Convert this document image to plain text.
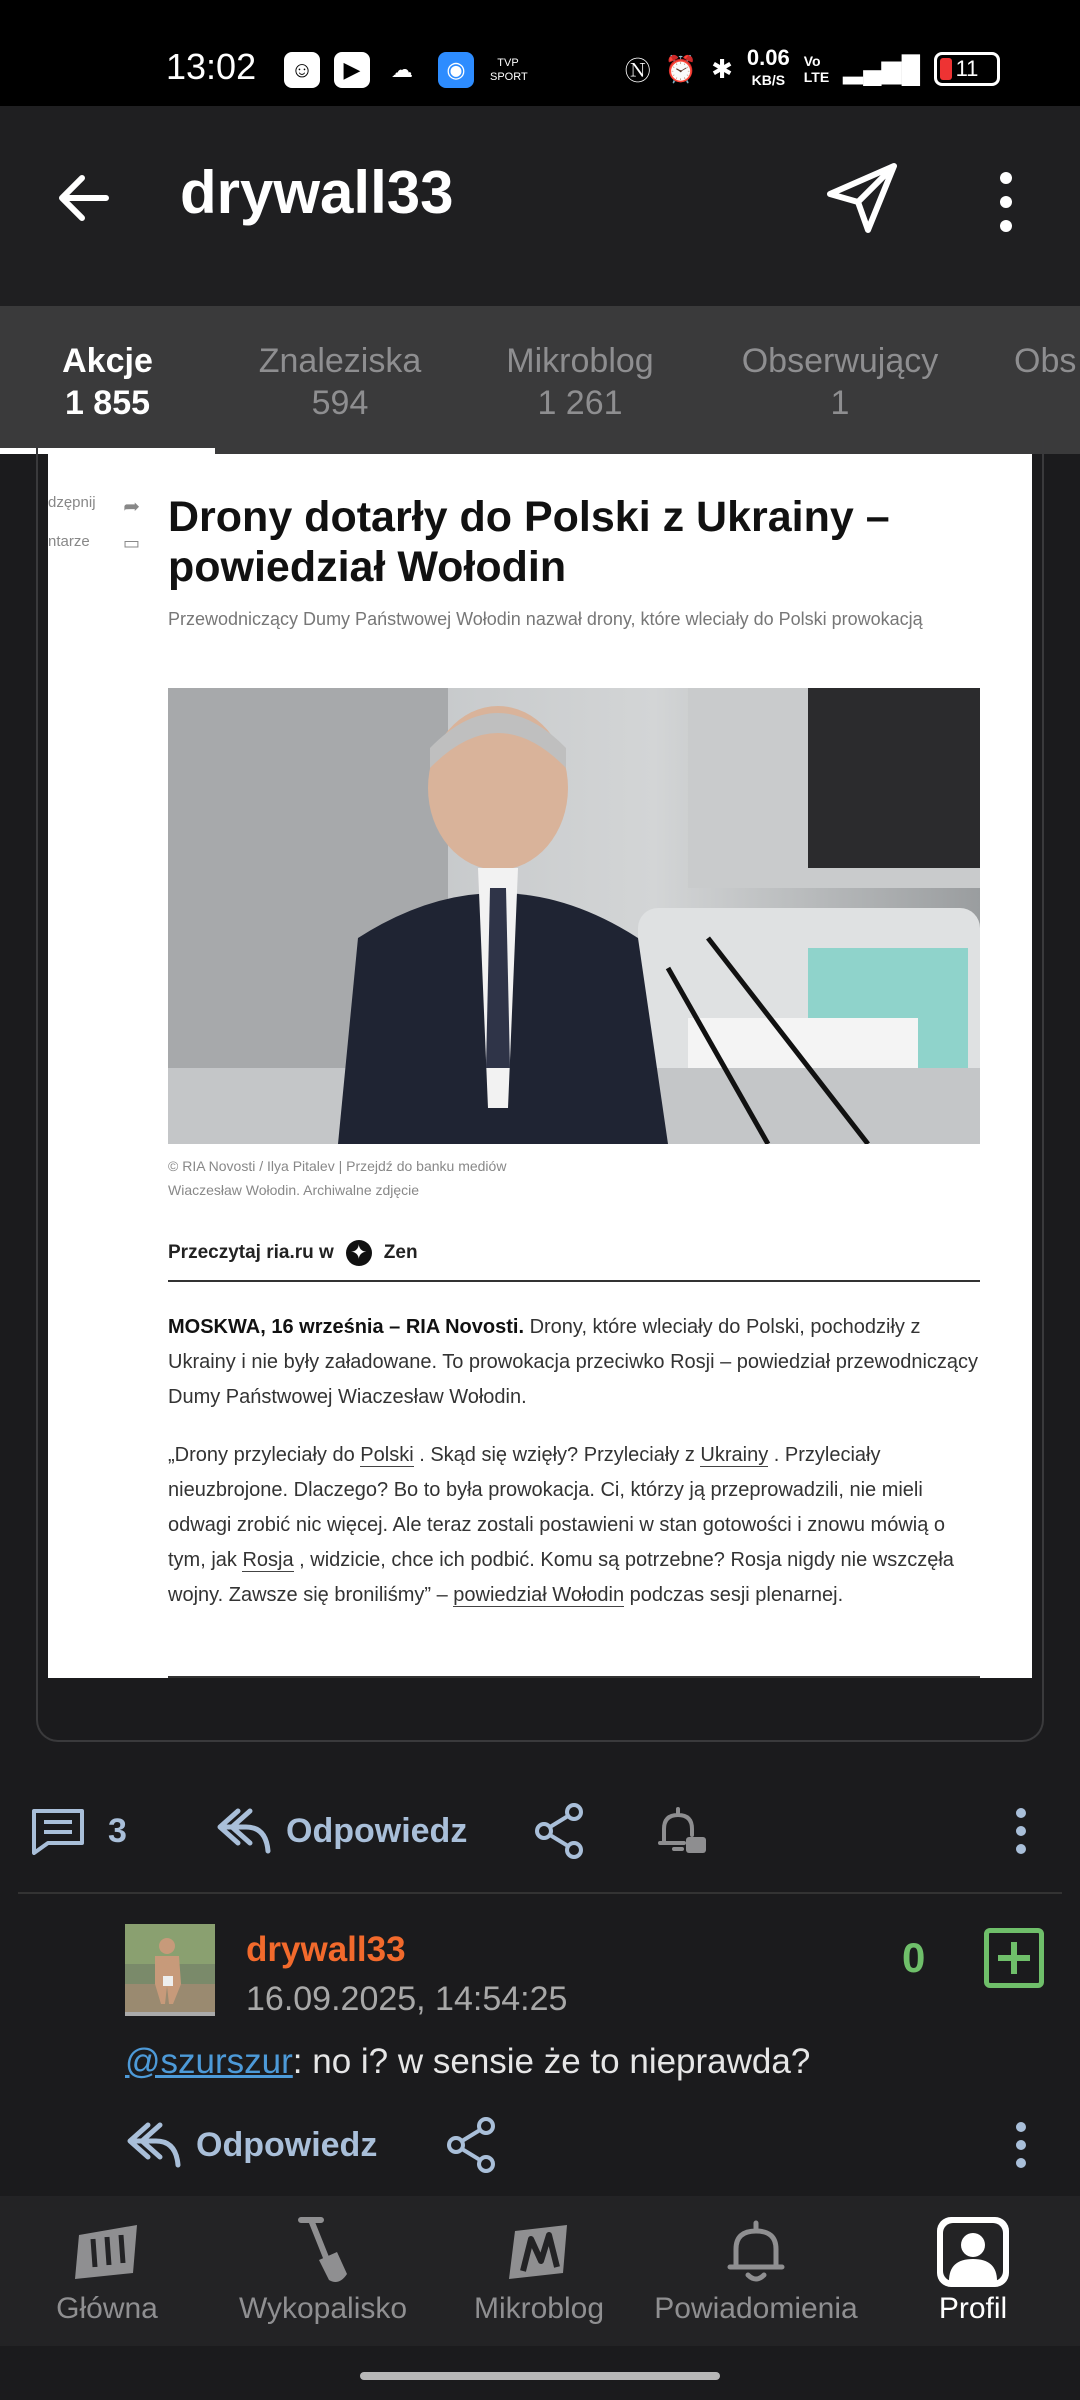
13:02	☺	▶	☁	◉	TVP
SPORT	Ⓝ ⏰ ✱ 0.06
KB/S
Vo
LTE ▂▄▆█ 11
drywall33
Akcje
1 855
Znaleziska
594
Mikroblog
1 261
Obserwujący
1
Obs
dzępnij ➦
ntarze ▭
Drony dotarły do Polski z Ukrainy – powiedział Wołodin
Przewodniczący Dumy Państwowej Wołodin nazwał drony, które wleciały do Polski prowokacją
© RIA Novosti / Ilya Pitalev | Przejdź do banku mediów
Wiaczesław Wołodin. Archiwalne zdjęcie
Przeczytaj ria.ru w ✦ Zen
MOSKWA, 16 września – RIA Novosti. Drony, które wleciały do Polski, pochodziły z Ukrainy i nie były załadowane. To prowokacja przeciwko Rosji – powiedział przewodniczący Dumy Państwowej Wiaczesław Wołodin.
„Drony przyleciały do Polski . Skąd się wzięły? Przyleciały z Ukrainy . Przyleciały nieuzbrojone. Dlaczego? Bo to była prowokacja. Ci, którzy ją przeprowadzili, nie mieli odwagi zrobić nic więcej. Ale teraz zostali postawieni w stan gotowości i znowu mówią o tym, jak Rosja , widzicie, chce ich podbić. Komu są potrzebne? Rosja nigdy nie wszczęła wojny. Zawsze się broniliśmy” – powiedział Wołodin podczas sesji plenarnej.
3	Odpowiedz
drywall33
16.09.2025, 14:54:25
0
@szurszur: no i? w sensie że to nieprawda?
Odpowiedz
Główna	Wykopalisko	Mikroblog	Powiadomienia	Profil
